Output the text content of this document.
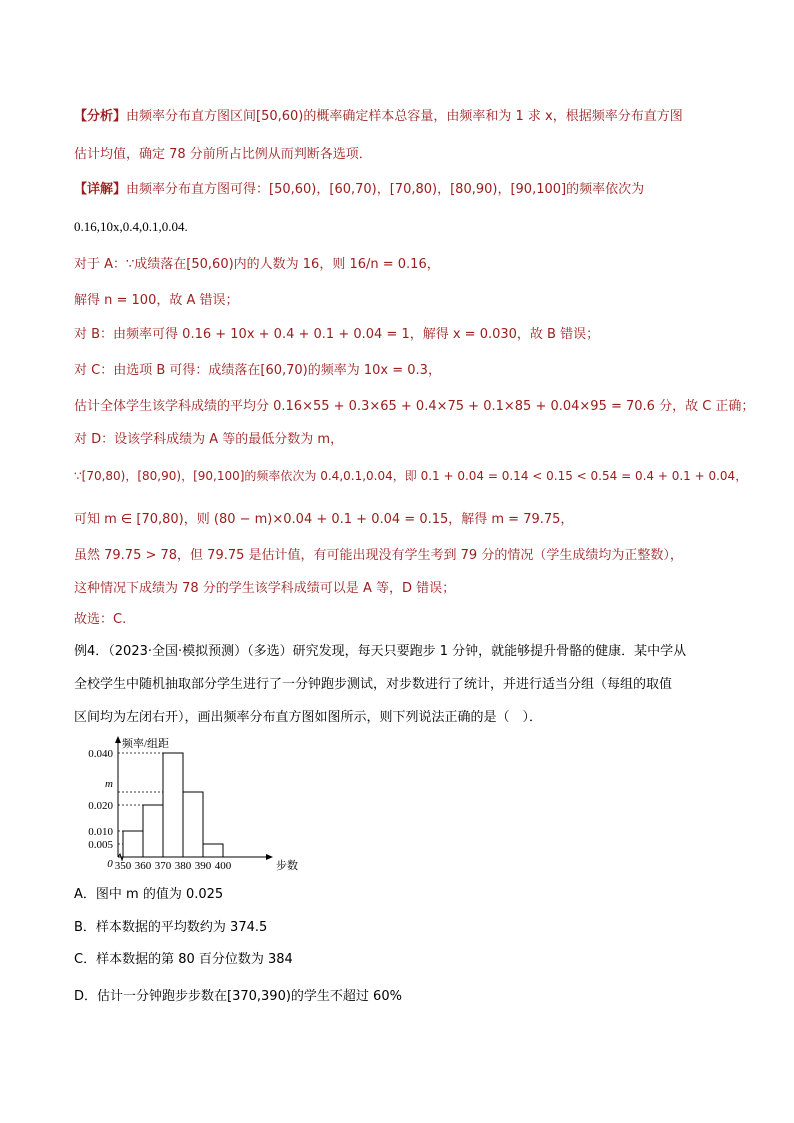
【分析】由频率分布直方图区间[50,60)的概率确定样本总容量，由频率和为 1 求 x，根据频率分布直方图
估计均值，确定 78 分前所占比例从而判断各选项．
【详解】由频率分布直方图可得：[50,60)，[60,70)，[70,80)，[80,90)，[90,100]的频率依次为
0.16,10x,0.4,0.1,0.04.
对于 A：∵成绩落在[50,60)内的人数为 16，则 16/n = 0.16，
解得 n = 100，故 A 错误；
对 B：由频率可得 0.16 + 10x + 0.4 + 0.1 + 0.04 = 1，解得 x = 0.030，故 B 错误；
对 C：由选项 B 可得：成绩落在[60,70)的频率为 10x = 0.3，
估计全体学生该学科成绩的平均分 0.16×55 + 0.3×65 + 0.4×75 + 0.1×85 + 0.04×95 = 70.6 分，故 C 正确；
对 D：设该学科成绩为 A 等的最低分数为 m，
∵[70,80)，[80,90)，[90,100]的频率依次为 0.4,0.1,0.04，即 0.1 + 0.04 = 0.14 < 0.15 < 0.54 = 0.4 + 0.1 + 0.04，
可知 m ∈ [70,80)，则 (80 − m)×0.04 + 0.1 + 0.04 = 0.15，解得 m = 79.75，
虽然 79.75 > 78，但 79.75 是估计值，有可能出现没有学生考到 79 分的情况（学生成绩均为正整数），
这种情况下成绩为 78 分的学生该学科成绩可以是 A 等，D 错误；
故选：C.
例4．（2023·全国·模拟预测）（多选）研究发现，每天只要跑步 1 分钟，就能够提升骨骼的健康．某中学从
全校学生中随机抽取部分学生进行了一分钟跑步测试，对步数进行了统计，并进行适当分组（每组的取值
区间均为左闭右开），画出频率分布直方图如图所示，则下列说法正确的是（　）．
0.040
m
0.020
0.010
0.005
350 360 370 380 390 400
0	步数
频率/组距
A．图中 m 的值为 0.025
B．样本数据的平均数约为 374.5
C．样本数据的第 80 百分位数为 384
D．估计一分钟跑步步数在[370,390)的学生不超过 60%
